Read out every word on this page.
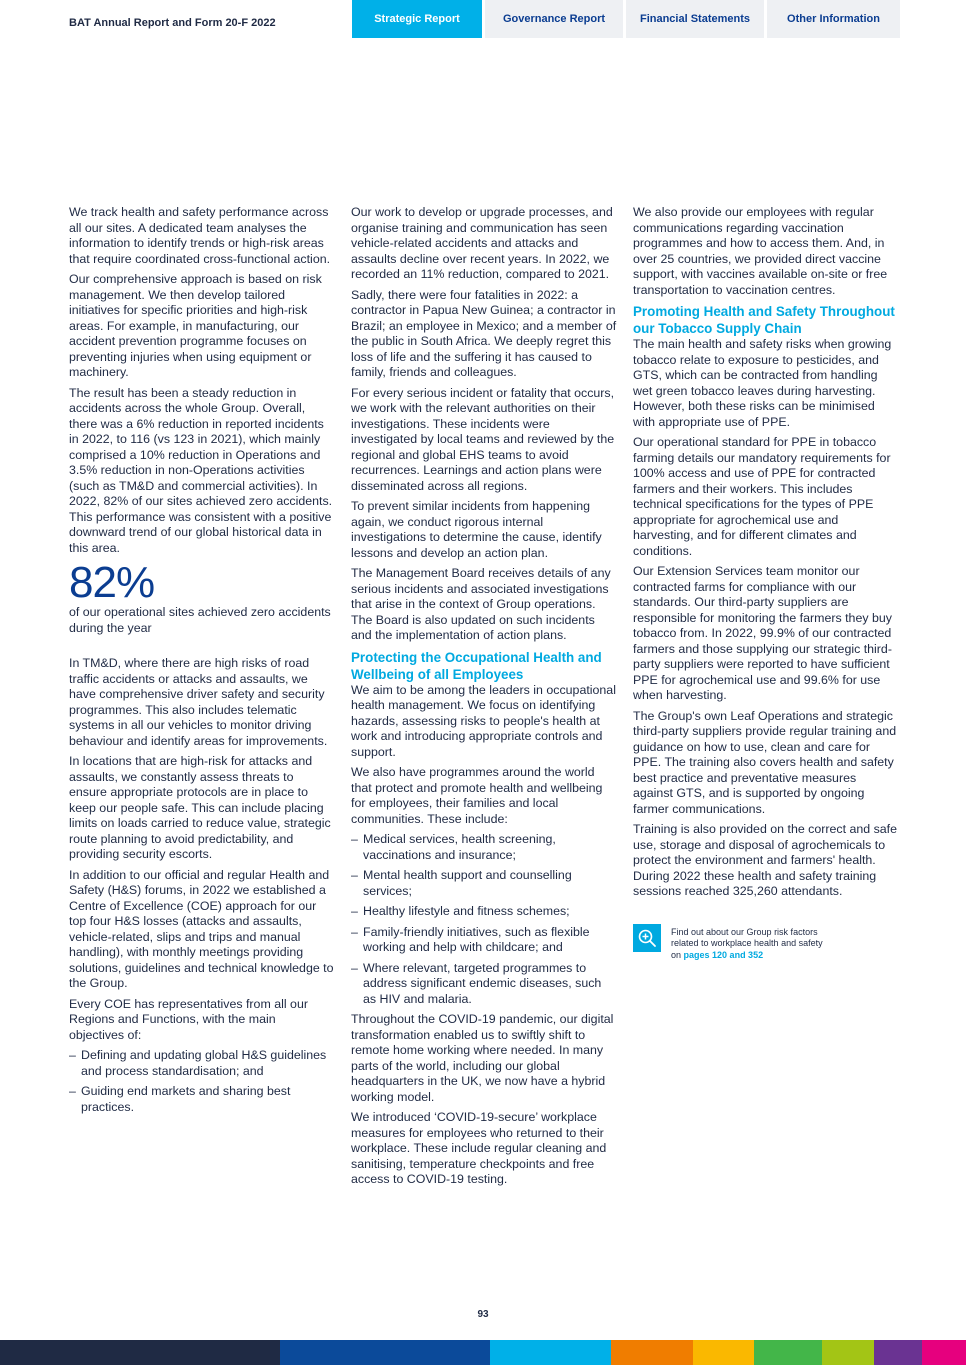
BAT Annual Report and Form 20-F 2022	Strategic Report	Governance Report	Financial Statements	Other Information

We track health and safety performance across all our sites. A dedicated team analyses the information to identify trends or high-risk areas that require coordinated cross-functional action.

Our comprehensive approach is based on risk management. We then develop tailored initiatives for specific priorities and high-risk areas. For example, in manufacturing, our accident prevention programme focuses on preventing injuries when using equipment or machinery.

The result has been a steady reduction in accidents across the whole Group. Overall, there was a 6% reduction in reported incidents in 2022, to 116 (vs 123 in 2021), which mainly comprised a 10% reduction in Operations and 3.5% reduction in non-Operations activities (such as TM&D and commercial activities). In 2022, 82% of our sites achieved zero accidents. This performance was consistent with a positive downward trend of our global historical data in this area.

82%

of our operational sites achieved zero accidents during the year

In TM&D, where there are high risks of road traffic accidents or attacks and assaults, we have comprehensive driver safety and security programmes. This also includes telematic systems in all our vehicles to monitor driving behaviour and identify areas for improvements.

In locations that are high-risk for attacks and assaults, we constantly assess threats to ensure appropriate protocols are in place to keep our people safe. This can include placing limits on loads carried to reduce value, strategic route planning to avoid predictability, and providing security escorts.

In addition to our official and regular Health and Safety (H&S) forums, in 2022 we established a Centre of Excellence (COE) approach for our top four H&S losses (attacks and assaults, vehicle-related, slips and trips and manual handling), with monthly meetings providing solutions, guidelines and technical knowledge to the Group.

Every COE has representatives from all our Regions and Functions, with the main objectives of:

– Defining and updating global H&S guidelines and process standardisation; and
– Guiding end markets and sharing best practices.

Our work to develop or upgrade processes, and organise training and communication has seen vehicle-related accidents and attacks and assaults decline over recent years. In 2022, we recorded an 11% reduction, compared to 2021.

Sadly, there were four fatalities in 2022: a contractor in Papua New Guinea; a contractor in Brazil; an employee in Mexico; and a member of the public in South Africa. We deeply regret this loss of life and the suffering it has caused to family, friends and colleagues.

For every serious incident or fatality that occurs, we work with the relevant authorities on their investigations. These incidents were investigated by local teams and reviewed by the regional and global EHS teams to avoid recurrences. Learnings and action plans were disseminated across all regions.

To prevent similar incidents from happening again, we conduct rigorous internal investigations to determine the cause, identify lessons and develop an action plan.

The Management Board receives details of any serious incidents and associated investigations that arise in the context of Group operations. The Board is also updated on such incidents and the implementation of action plans.

Protecting the Occupational Health and Wellbeing of all Employees

We aim to be among the leaders in occupational health management. We focus on identifying hazards, assessing risks to people's health at work and introducing appropriate controls and support.

We also have programmes around the world that protect and promote health and wellbeing for employees, their families and local communities. These include:

– Medical services, health screening, vaccinations and insurance;
– Mental health support and counselling services;
– Healthy lifestyle and fitness schemes;
– Family-friendly initiatives, such as flexible working and help with childcare; and
– Where relevant, targeted programmes to address significant endemic diseases, such as HIV and malaria.

Throughout the COVID-19 pandemic, our digital transformation enabled us to swiftly shift to remote home working where needed. In many parts of the world, including our global headquarters in the UK, we now have a hybrid working model.

We introduced ‘COVID-19-secure’ workplace measures for employees who returned to their workplace. These include regular cleaning and sanitising, temperature checkpoints and free access to COVID-19 testing.

We also provide our employees with regular communications regarding vaccination programmes and how to access them. And, in over 25 countries, we provided direct vaccine support, with vaccines available on-site or free transportation to vaccination centres.

Promoting Health and Safety Throughout our Tobacco Supply Chain

The main health and safety risks when growing tobacco relate to exposure to pesticides, and GTS, which can be contracted from handling wet green tobacco leaves during harvesting. However, both these risks can be minimised with appropriate use of PPE.

Our operational standard for PPE in tobacco farming details our mandatory requirements for 100% access and use of PPE for contracted farmers and their workers. This includes technical specifications for the types of PPE appropriate for agrochemical use and harvesting, and for different climates and conditions.

Our Extension Services team monitor our contracted farms for compliance with our standards. Our third-party suppliers are responsible for monitoring the farmers they buy tobacco from. In 2022, 99.9% of our contracted farmers and those supplying our strategic third-party suppliers were reported to have sufficient PPE for agrochemical use and 99.6% for use when harvesting.

The Group's own Leaf Operations and strategic third-party suppliers provide regular training and guidance on how to use, clean and care for PPE. The training also covers health and safety best practice and preventative measures against GTS, and is supported by ongoing farmer communications.

Training is also provided on the correct and safe use, storage and disposal of agrochemicals to protect the environment and farmers' health. During 2022 these health and safety training sessions reached 325,260 attendants.

Find out about our Group risk factors
related to workplace health and safety
on pages 120 and 352
93
